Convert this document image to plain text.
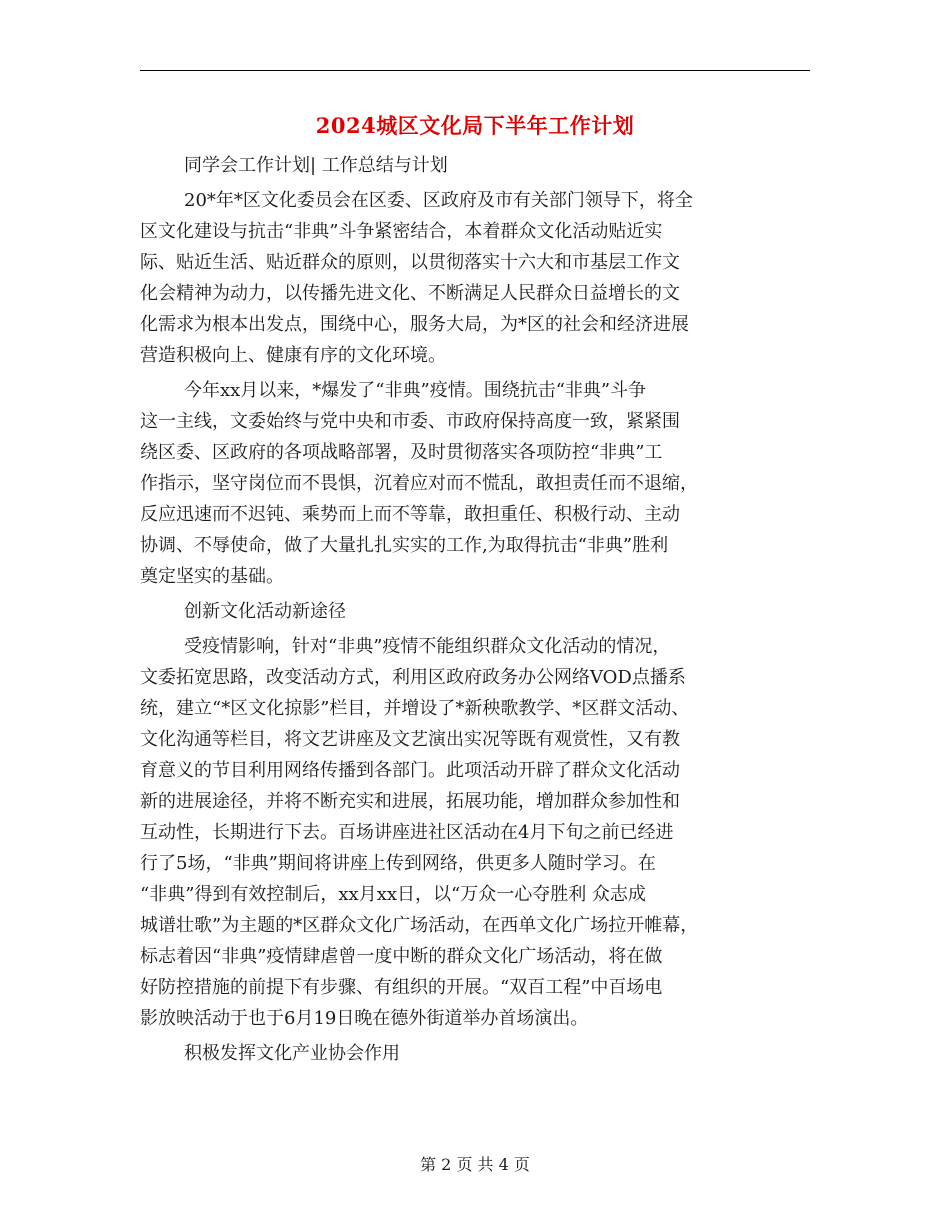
2024城区文化局下半年工作计划
同学会工作计划| 工作总结与计划
20*年*区文化委员会在区委、区政府及市有关部门领导下，将全
区文化建设与抗击“非典”斗争紧密结合，本着群众文化活动贴近实
际、贴近生活、贴近群众的原则，以贯彻落实十六大和市基层工作文
化会精神为动力，以传播先进文化、不断满足人民群众日益增长的文
化需求为根本出发点，围绕中心，服务大局，为*区的社会和经济进展
营造积极向上、健康有序的文化环境。
今年xx月以来，*爆发了“非典”疫情。围绕抗击“非典”斗争
这一主线，文委始终与党中央和市委、市政府保持高度一致，紧紧围
绕区委、区政府的各项战略部署，及时贯彻落实各项防控“非典”工
作指示，坚守岗位而不畏惧，沉着应对而不慌乱，敢担责任而不退缩，
反应迅速而不迟钝、乘势而上而不等靠，敢担重任、积极行动、主动
协调、不辱使命，做了大量扎扎实实的工作,为取得抗击“非典”胜利
奠定坚实的基础。
创新文化活动新途径
受疫情影响，针对“非典”疫情不能组织群众文化活动的情况，
文委拓宽思路，改变活动方式，利用区政府政务办公网络VOD点播系
统，建立“*区文化掠影”栏目，并增设了*新秧歌教学、*区群文活动、
文化沟通等栏目，将文艺讲座及文艺演出实况等既有观赏性，又有教
育意义的节目利用网络传播到各部门。此项活动开辟了群众文化活动
新的进展途径，并将不断充实和进展，拓展功能，增加群众参加性和
互动性，长期进行下去。百场讲座进社区活动在4月下旬之前已经进
行了5场，“非典”期间将讲座上传到网络，供更多人随时学习。在
“非典”得到有效控制后，xx月xx日，以“万众一心夺胜利 众志成
城谱壮歌”为主题的*区群众文化广场活动，在西单文化广场拉开帷幕，
标志着因“非典”疫情肆虐曾一度中断的群众文化广场活动，将在做
好防控措施的前提下有步骤、有组织的开展。“双百工程”中百场电
影放映活动于也于6月19日晚在德外街道举办首场演出。
积极发挥文化产业协会作用
第 2 页 共 4 页
